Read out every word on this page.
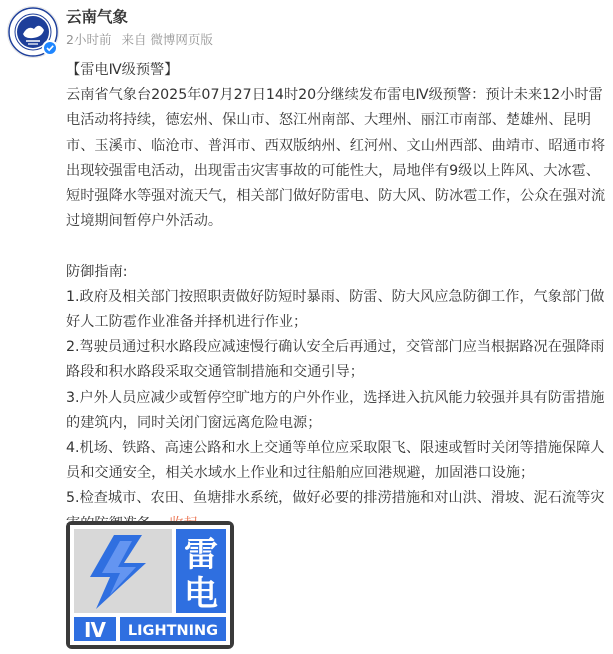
云南气象
2小时前 来自 微博网页版

【雷电Ⅳ级预警】

云南省气象台2025年07月27日14时20分继续发布雷电Ⅳ级预警：预计未来12小时雷电活动将持续，德宏州、保山市、怒江州南部、大理州、丽江市南部、楚雄州、昆明市、玉溪市、临沧市、普洱市、西双版纳州、红河州、文山州西部、曲靖市、昭通市将出现较强雷电活动，出现雷击灾害事故的可能性大，局地伴有9级以上阵风、大冰雹、短时强降水等强对流天气，相关部门做好防雷电、防大风、防冰雹工作，公众在强对流过境期间暂停户外活动。

防御指南:

1.政府及相关部门按照职责做好防短时暴雨、防雷、防大风应急防御工作，气象部门做好人工防雹作业准备并择机进行作业；

2.驾驶员通过积水路段应减速慢行确认安全后再通过，交管部门应当根据路况在强降雨路段和积水路段采取交通管制措施和交通引导；

3.户外人员应减少或暂停空旷地方的户外作业，选择进入抗风能力较强并具有防雷措施的建筑内，同时关闭门窗远离危险电源；

4.机场、铁路、高速公路和水上交通等单位应采取限飞、限速或暂时关闭等措施保障人员和交通安全，相关水域水上作业和过往船舶应回港规避，加固港口设施；

5.检查城市、农田、鱼塘排水系统，做好必要的排涝措施和对山洪、滑坡、泥石流等灾

雷
电
Ⅳ LIGHTNING
